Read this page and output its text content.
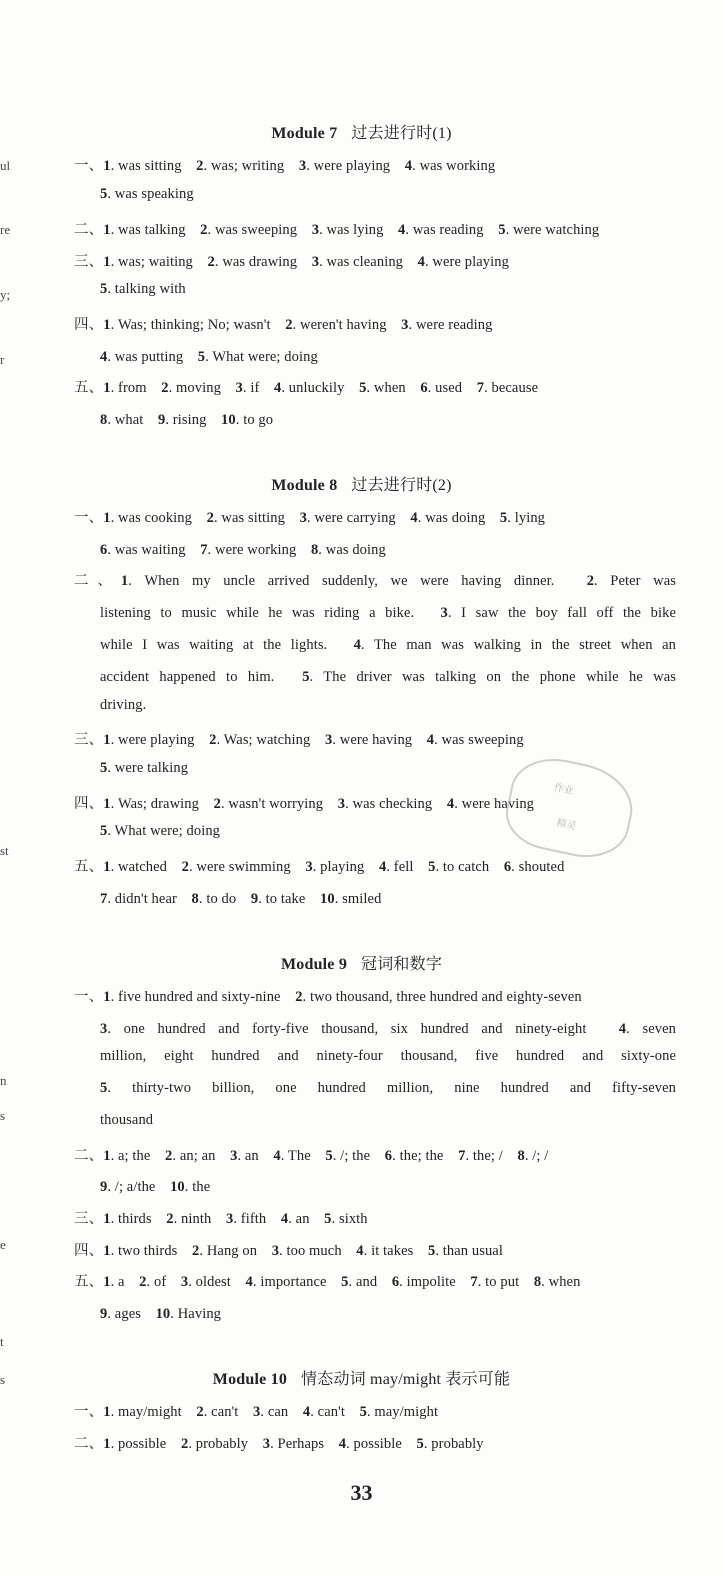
ul
re
y;
r
st
n
s
e
t
s
Module 7 过去进行时(1)
一、1. was sitting　2. was; writing　3. were playing　4. was working
5. was speaking
二、1. was talking　2. was sweeping　3. was lying　4. was reading　5. were watching
三、1. was; waiting　2. was drawing　3. was cleaning　4. were playing
5. talking with
四、1. Was; thinking; No; wasn't　2. weren't having　3. were reading
4. was putting　5. What were; doing
五、1. from　2. moving　3. if　4. unluckily　5. when　6. used　7. because
8. what　9. rising　10. to go
Module 8 过去进行时(2)
一、1. was cooking　2. was sitting　3. were carrying　4. was doing　5. lying
6. was waiting　7. were working　8. was doing
二、1. When my uncle arrived suddenly, we were having dinner.　2. Peter was
listening to music while he was riding a bike.　3. I saw the boy fall off the bike
while I was waiting at the lights.　4. The man was walking in the street when an
accident happened to him.　5. The driver was talking on the phone while he was
driving.
三、1. were playing　2. Was; watching　3. were having　4. was sweeping
5. were talking
四、1. Was; drawing　2. wasn't worrying　3. was checking　4. were having
5. What were; doing
五、1. watched　2. were swimming　3. playing　4. fell　5. to catch　6. shouted
7. didn't hear　8. to do　9. to take　10. smiled
作业
精灵
Module 9 冠词和数字
一、1. five hundred and sixty-nine　2. two thousand, three hundred and eighty-seven
3. one hundred and forty-five thousand, six hundred and ninety-eight　4. seven
million, eight hundred and ninety-four thousand, five hundred and sixty-one
5. thirty-two billion, one hundred million, nine hundred and fifty-seven
thousand
二、1. a; the　2. an; an　3. an　4. The　5. /; the　6. the; the　7. the; /　8. /; /
9. /; a/the　10. the
三、1. thirds　2. ninth　3. fifth　4. an　5. sixth
四、1. two thirds　2. Hang on　3. too much　4. it takes　5. than usual
五、1. a　2. of　3. oldest　4. importance　5. and　6. impolite　7. to put　8. when
9. ages　10. Having
Module 10 情态动词 may/might 表示可能
一、1. may/might　2. can't　3. can　4. can't　5. may/might
二、1. possible　2. probably　3. Perhaps　4. possible　5. probably
33
